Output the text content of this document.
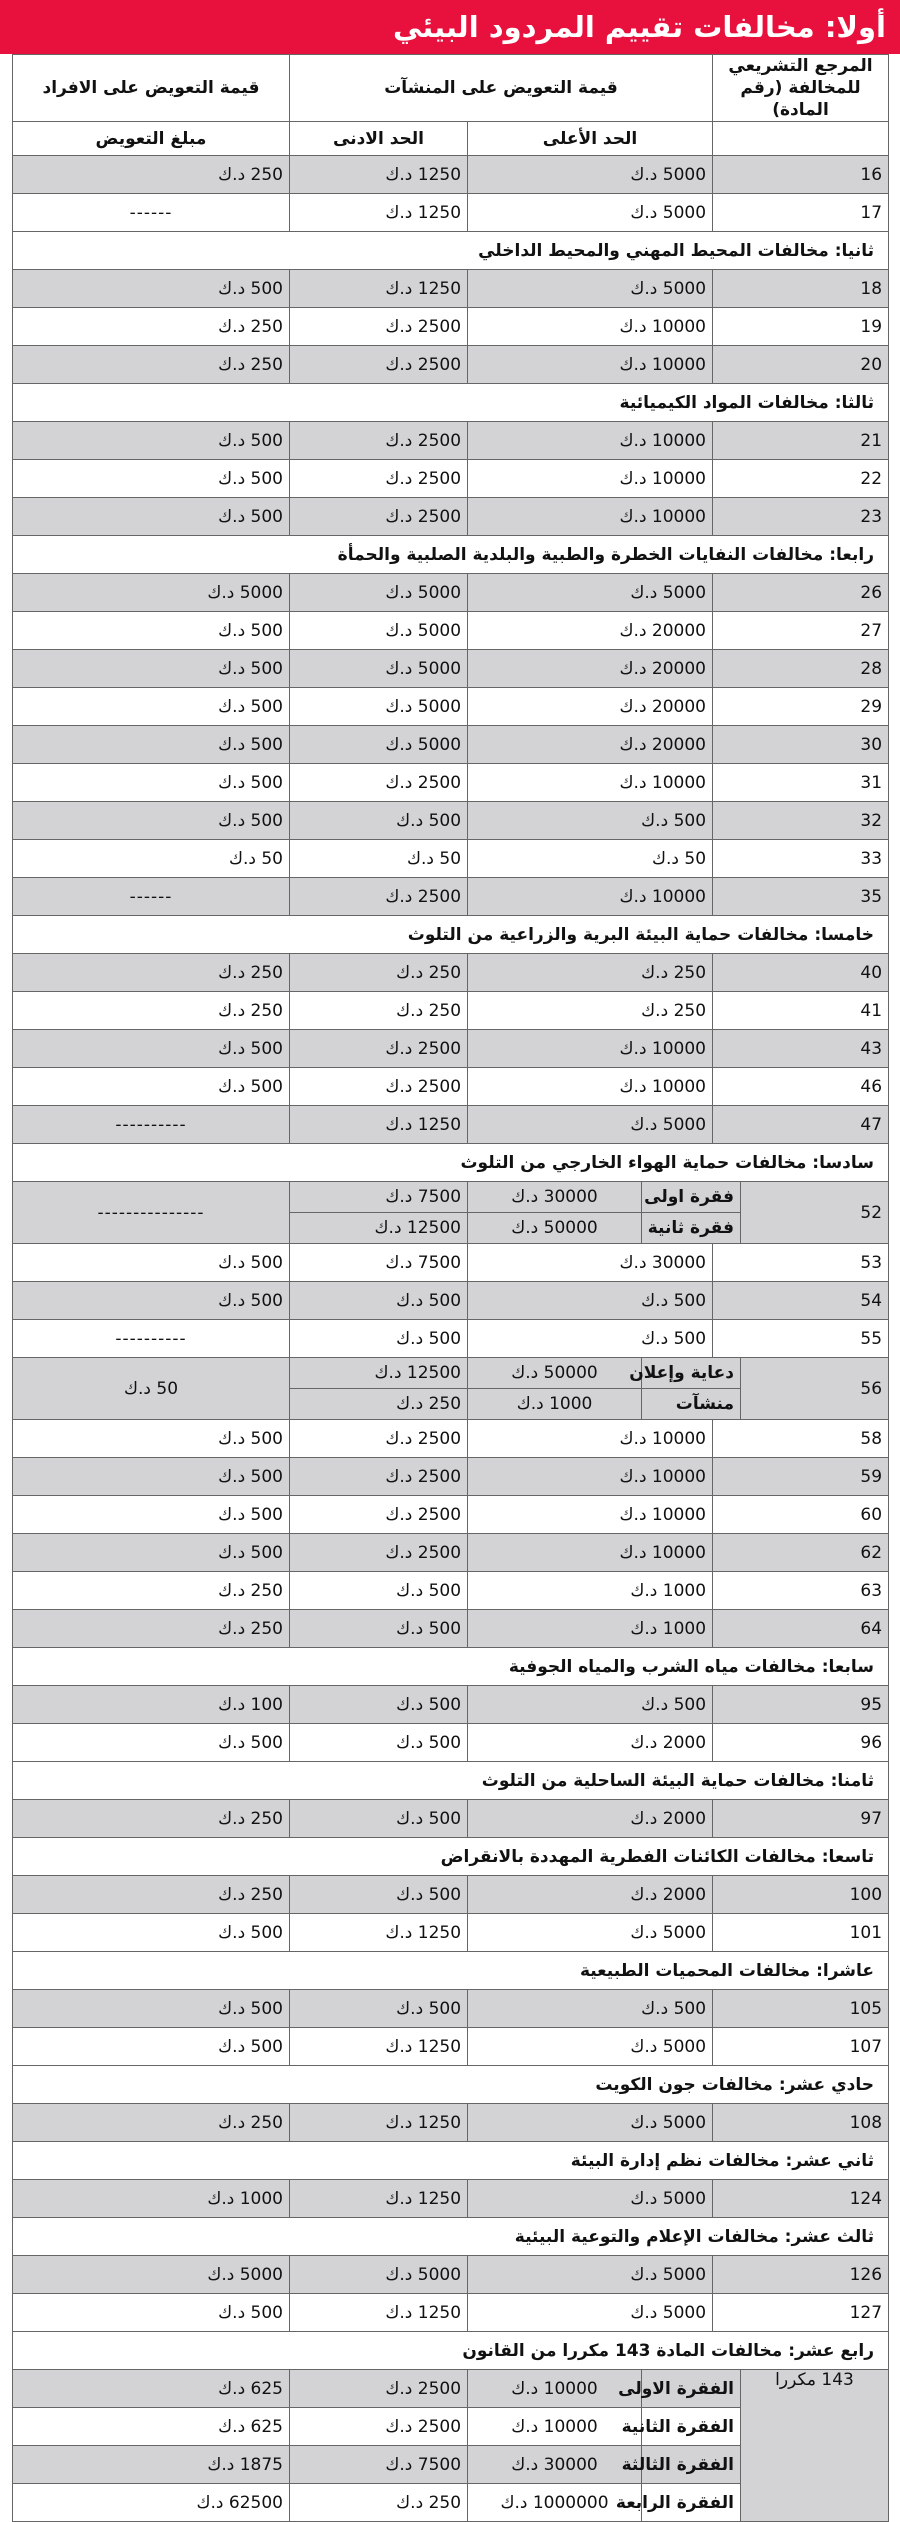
أولا: مخالفات تقييم المردود البيئي
المرجع التشريعي للمخالفة (رقم المادة)		قيمة التعويض على المنشآت			قيمة التعويض على الافراد
		الحد الأعلى		الحد الادنى	مبلغ التعويض
16		5000 د.ك		1250 د.ك	250 د.ك
17		5000 د.ك		1250 د.ك	------
ثانيا: مخالفات المحيط المهني والمحيط الداخلي					
18		5000 د.ك		1250 د.ك	500 د.ك
19		10000 د.ك		2500 د.ك	250 د.ك
20		10000 د.ك		2500 د.ك	250 د.ك
ثالثا: مخالفات المواد الكيميائية					
21		10000 د.ك		2500 د.ك	500 د.ك
22		10000 د.ك		2500 د.ك	500 د.ك
23		10000 د.ك		2500 د.ك	500 د.ك
رابعا: مخالفات النفايات الخطرة والطبية والبلدية الصلبية والحمأة					
26		5000 د.ك		5000 د.ك	5000 د.ك
27		20000 د.ك		5000 د.ك	500 د.ك
28		20000 د.ك		5000 د.ك	500 د.ك
29		20000 د.ك		5000 د.ك	500 د.ك
30		20000 د.ك		5000 د.ك	500 د.ك
31		10000 د.ك		2500 د.ك	500 د.ك
32		500 د.ك		500 د.ك	500 د.ك
33		50 د.ك		50 د.ك	50 د.ك
35		10000 د.ك		2500 د.ك	------
خامسا: مخالفات حماية البيئة البرية والزراعية من التلوث					
40		250 د.ك		250 د.ك	250 د.ك
41		250 د.ك		250 د.ك	250 د.ك
43		10000 د.ك		2500 د.ك	500 د.ك
46		10000 د.ك		2500 د.ك	500 د.ك
47		5000 د.ك		1250 د.ك	----------
سادسا: مخالفات حماية الهواء الخارجي من التلوث					
52	فقرة اولى		30000 د.ك	7500 د.ك	---------------
	فقرة ثانية		50000 د.ك	12500 د.ك	
53		30000 د.ك		7500 د.ك	500 د.ك
54		500 د.ك		500 د.ك	500 د.ك
55		500 د.ك		500 د.ك	----------
56	دعاية وإعلان		50000 د.ك	12500 د.ك	50 د.ك
	منشآت		1000 د.ك	250 د.ك	
58		10000 د.ك		2500 د.ك	500 د.ك
59		10000 د.ك		2500 د.ك	500 د.ك
60		10000 د.ك		2500 د.ك	500 د.ك
62		10000 د.ك		2500 د.ك	500 د.ك
63		1000 د.ك		500 د.ك	250 د.ك
64		1000 د.ك		500 د.ك	250 د.ك
سابعا: مخالفات مياه الشرب والمياه الجوفية					
95		500 د.ك		500 د.ك	100 د.ك
96		2000 د.ك		500 د.ك	500 د.ك
ثامنا: مخالفات حماية البيئة الساحلية من التلوث					
97		2000 د.ك		500 د.ك	250 د.ك
تاسعا: مخالفات الكائنات الفطرية المهددة بالانقراض					
100		2000 د.ك		500 د.ك	250 د.ك
101		5000 د.ك		1250 د.ك	500 د.ك
عاشرا: مخالفات المحميات الطبيعية					
105		500 د.ك		500 د.ك	500 د.ك
107		5000 د.ك		1250 د.ك	500 د.ك
حادي عشر: مخالفات جون الكويت					
108		5000 د.ك		1250 د.ك	250 د.ك
ثاني عشر: مخالفات نظم إدارة البيئة					
124		5000 د.ك		1250 د.ك	1000 د.ك
ثالث عشر: مخالفات الإعلام والتوعية البيئية					
126		5000 د.ك		5000 د.ك	5000 د.ك
127		5000 د.ك		1250 د.ك	500 د.ك
رابع عشر: مخالفات المادة 143 مكررا من القانون					
143 مكررا	الفقرة الاولى		10000 د.ك	2500 د.ك	625 د.ك
	الفقرة الثانية		10000 د.ك	2500 د.ك	625 د.ك
	الفقرة الثالثة		30000 د.ك	7500 د.ك	1875 د.ك
	الفقرة الرابعة		1000000 د.ك	250 د.ك	62500 د.ك
